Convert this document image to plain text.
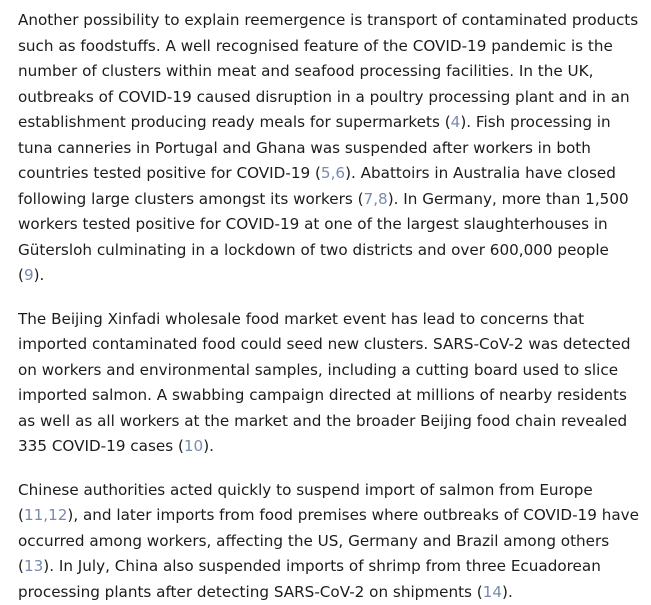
Another possibility to explain reemergence is transport of contaminated products such as foodstuffs. A well recognised feature of the COVID-19 pandemic is the number of clusters within meat and seafood processing facilities. In the UK, outbreaks of COVID-19 caused disruption in a poultry processing plant and in an establishment producing ready meals for supermarkets (4). Fish processing in tuna canneries in Portugal and Ghana was suspended after workers in both countries tested positive for COVID-19 (5,6). Abattoirs in Australia have closed following large clusters amongst its workers (7,8). In Germany, more than 1,500 workers tested positive for COVID-19 at one of the largest slaughterhouses in Gütersloh culminating in a lockdown of two districts and over 600,000 people (9).

The Beijing Xinfadi wholesale food market event has lead to concerns that imported contaminated food could seed new clusters. SARS-CoV-2 was detected on workers and environmental samples, including a cutting board used to slice imported salmon. A swabbing campaign directed at millions of nearby residents as well as all workers at the market and the broader Beijing food chain revealed 335 COVID-19 cases (10).

Chinese authorities acted quickly to suspend import of salmon from Europe (11,12), and later imports from food premises where outbreaks of COVID-19 have occurred among workers, affecting the US, Germany and Brazil among others (13). In July, China also suspended imports of shrimp from three Ecuadorean processing plants after detecting SARS-CoV-2 on shipments (14).
